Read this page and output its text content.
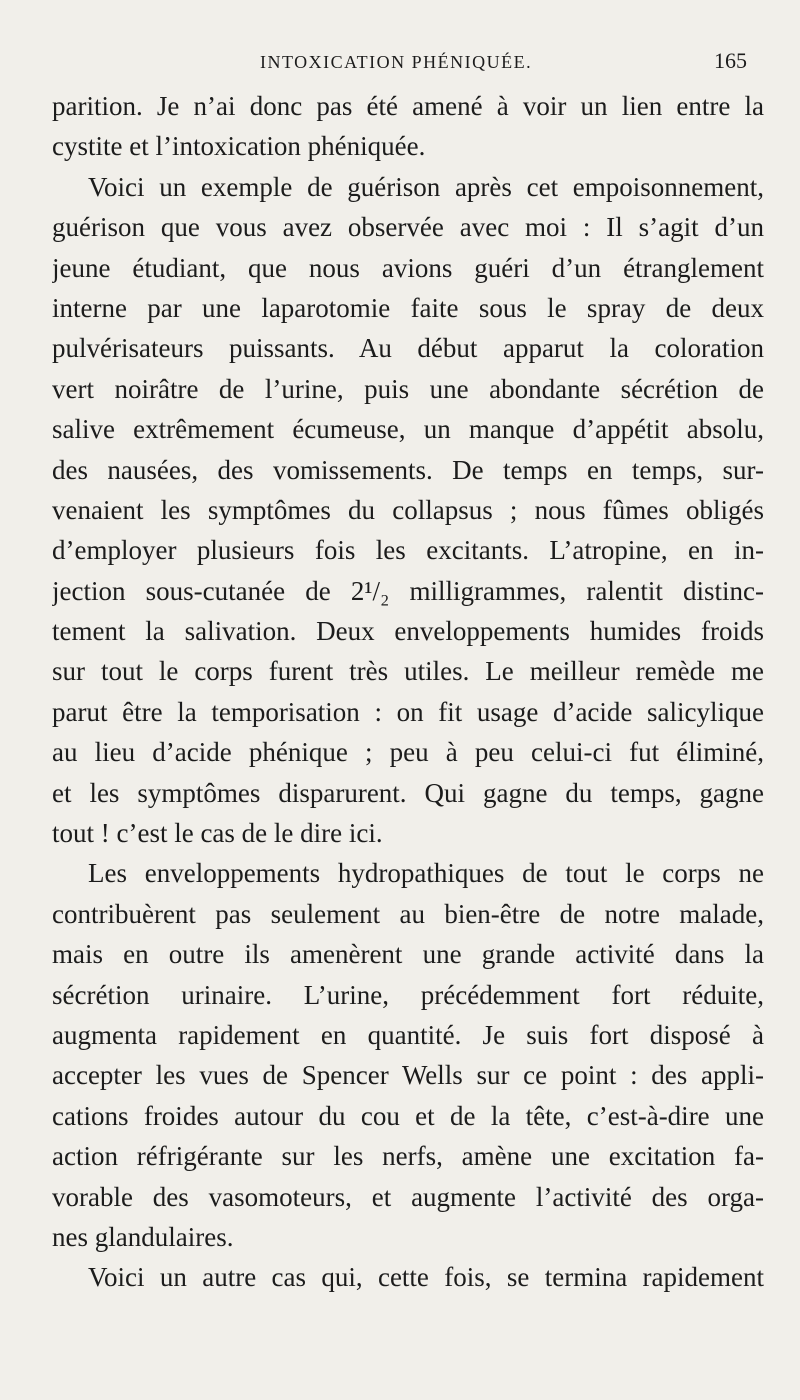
INTOXICATION PHÉNIQUÉE.	165
parition. Je n’ai donc pas été amené à voir un lien entre la
cystite et l’intoxication phéniquée.
Voici un exemple de guérison après cet empoisonnement,
guérison que vous avez observée avec moi : Il s’agit d’un
jeune étudiant, que nous avions guéri d’un étranglement
interne par une laparotomie faite sous le spray de deux
pulvérisateurs puissants. Au début apparut la coloration
vert noirâtre de l’urine, puis une abondante sécrétion de
salive extrêmement écumeuse, un manque d’appétit absolu,
des nausées, des vomissements. De temps en temps, sur-
venaient les symptômes du collapsus ; nous fûmes obligés
d’employer plusieurs fois les excitants. L’atropine, en in-
jection sous-cutanée de 2¹/₂ milligrammes, ralentit distinc-
tement la salivation. Deux enveloppements humides froids
sur tout le corps furent très utiles. Le meilleur remède me
parut être la temporisation : on fit usage d’acide salicylique
au lieu d’acide phénique ; peu à peu celui-ci fut éliminé,
et les symptômes disparurent. Qui gagne du temps, gagne
tout ! c’est le cas de le dire ici.
Les enveloppements hydropathiques de tout le corps ne
contribuèrent pas seulement au bien-être de notre malade,
mais en outre ils amenèrent une grande activité dans la
sécrétion urinaire. L’urine, précédemment fort réduite,
augmenta rapidement en quantité. Je suis fort disposé à
accepter les vues de Spencer Wells sur ce point : des appli-
cations froides autour du cou et de la tête, c’est-à-dire une
action réfrigérante sur les nerfs, amène une excitation fa-
vorable des vasomoteurs, et augmente l’activité des orga-
nes glandulaires.
Voici un autre cas qui, cette fois, se termina rapidement
